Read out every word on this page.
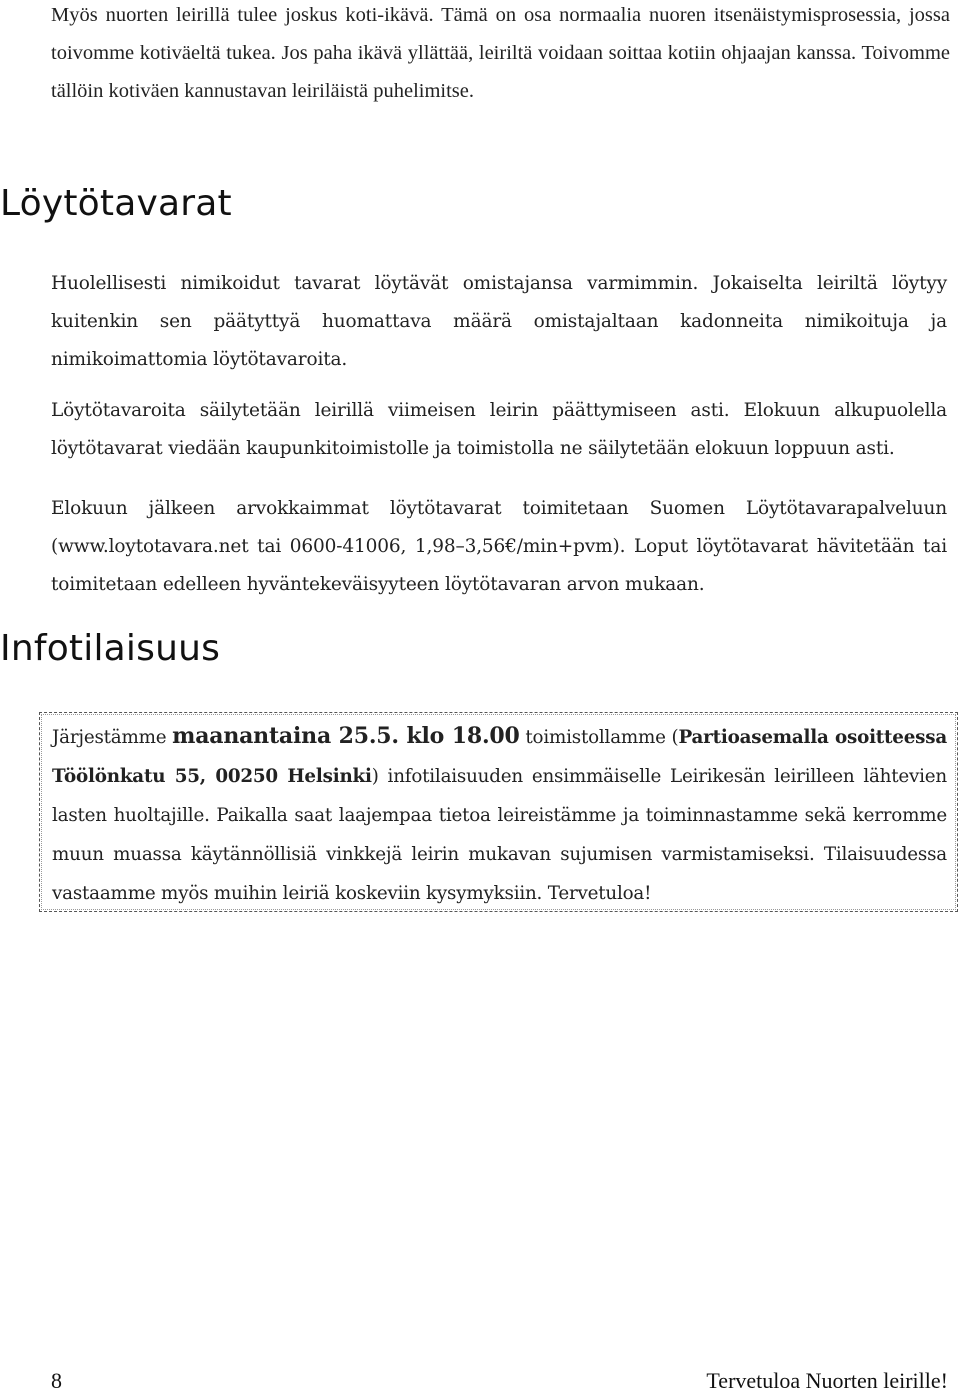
Myös nuorten leirillä tulee joskus koti-ikävä. Tämä on osa normaalia nuoren itsenäistymisprosessia, jossa toivomme kotiväeltä tukea. Jos paha ikävä yllättää, leiriltä voidaan soittaa kotiin ohjaajan kanssa. Toivomme tällöin kotiväen kannustavan leiriläistä puhelimitse.

Löytötavarat

Huolellisesti nimikoidut tavarat löytävät omistajansa varmimmin. Jokaiselta leiriltä löytyy kuitenkin sen päätyttyä huomattava määrä omistajaltaan kadonneita nimikoituja ja nimikoimattomia löytötavaroita.

Löytötavaroita säilytetään leirillä viimeisen leirin päättymiseen asti. Elokuun alkupuolella löytötavarat viedään kaupunkitoimistolle ja toimistolla ne säilytetään elokuun loppuun asti.

Elokuun jälkeen arvokkaimmat löytötavarat toimitetaan Suomen Löytötavarapalveluun (www.loytotavara.net tai 0600-41006, 1,98–3,56€/min+pvm). Loput löytötavarat hävitetään tai toimitetaan edelleen hyväntekeväisyyteen löytötavaran arvon mukaan.

Infotilaisuus

Järjestämme maanantaina 25.5. klo 18.00 toimistollamme (Partioasemalla osoitteessa Töölönkatu 55, 00250 Helsinki) infotilaisuuden ensimmäiselle Leirikesän leirilleen lähtevien lasten huoltajille. Paikalla saat laajempaa tietoa leireistämme ja toiminnastamme sekä kerromme muun muassa käytännöllisiä vinkkejä leirin mukavan sujumisen varmistamiseksi. Tilaisuudessa vastaamme myös muihin leiriä koskeviin kysymyksiin. Tervetuloa!

8	Tervetuloa Nuorten leirille!
